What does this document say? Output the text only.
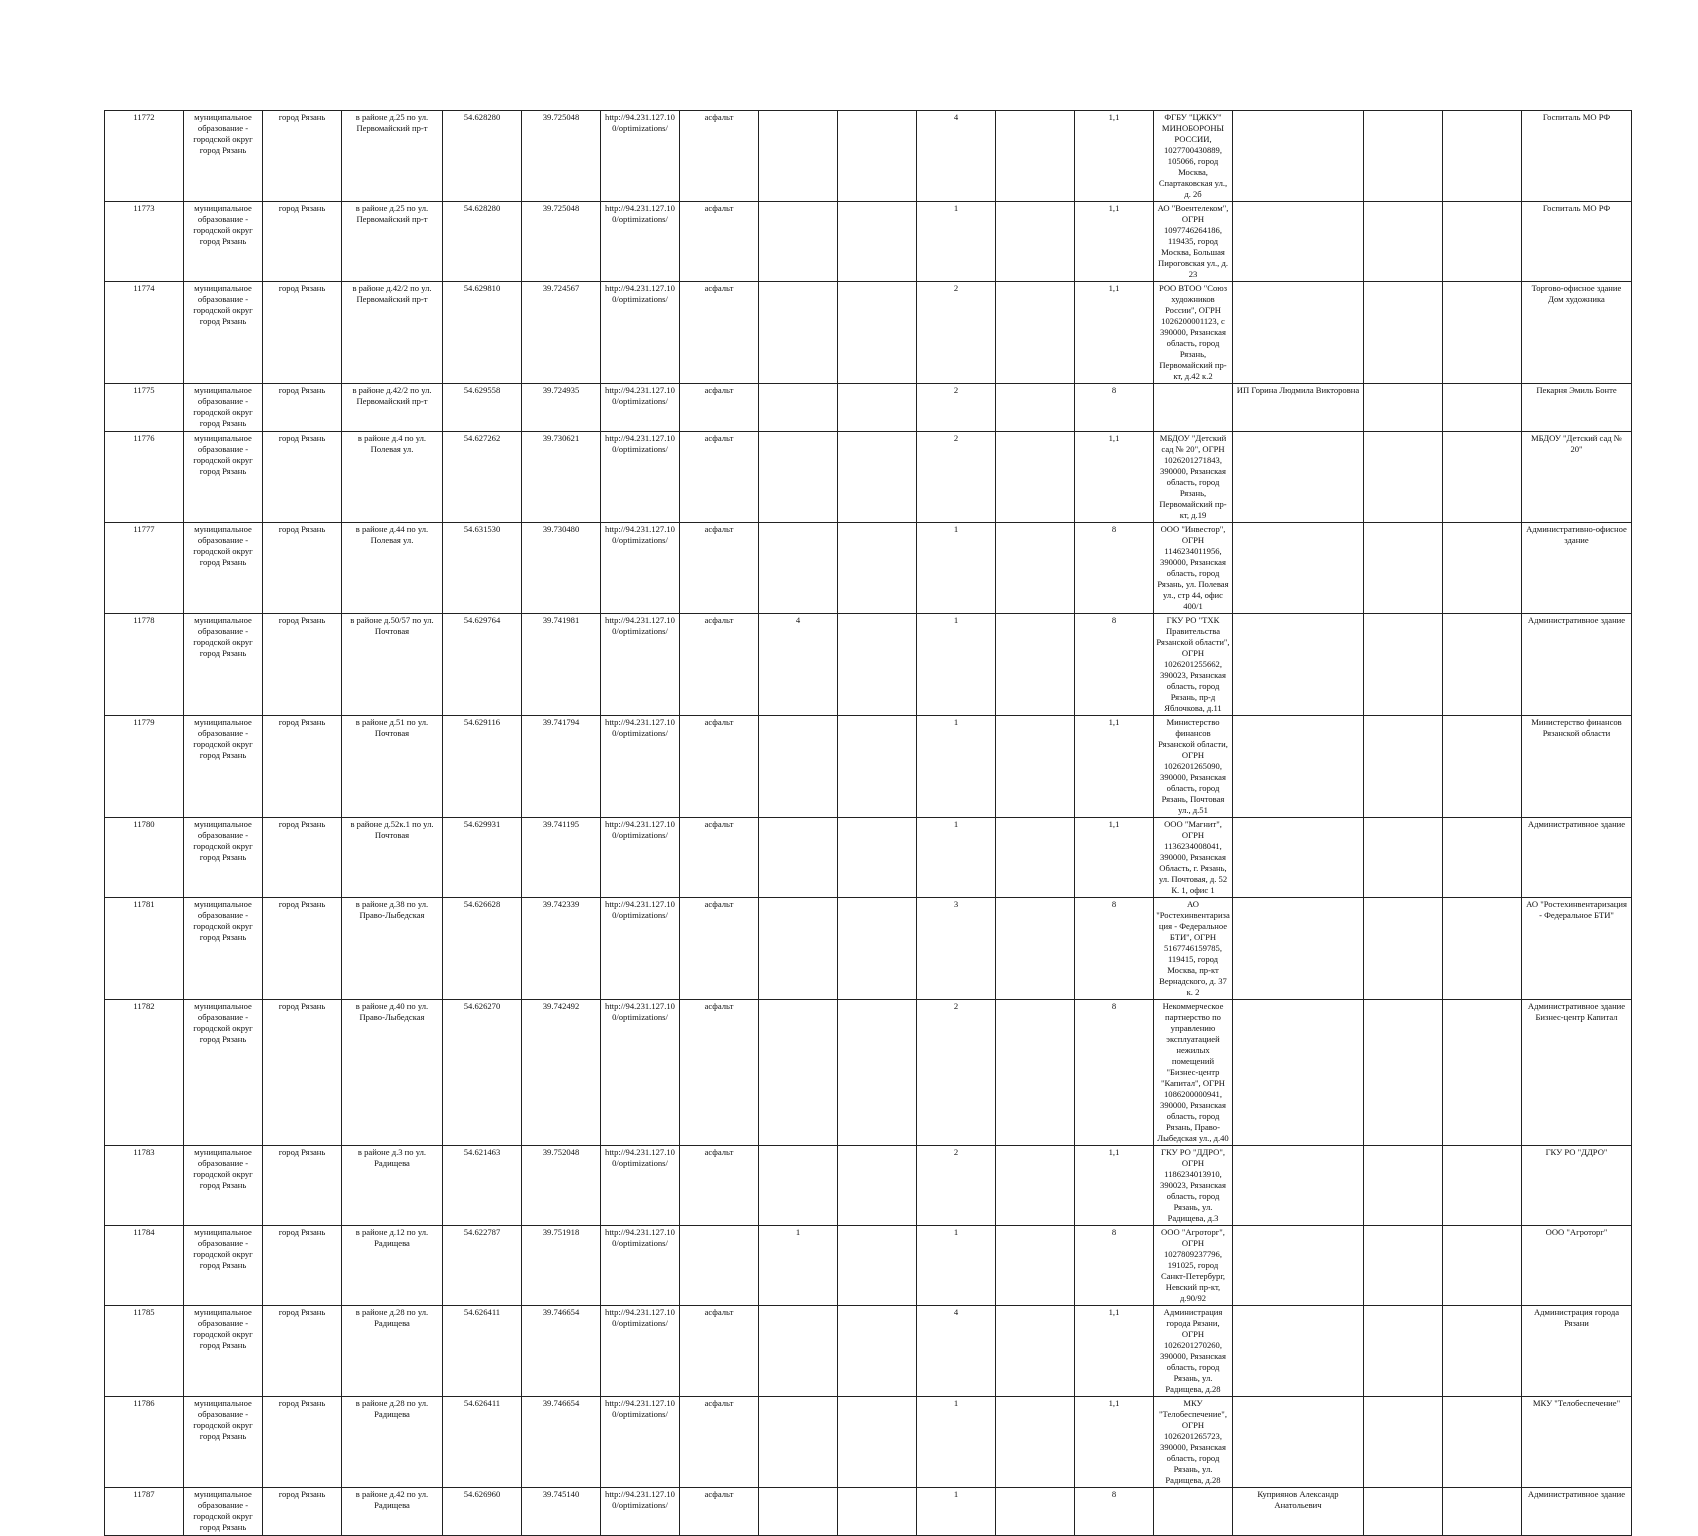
11772	муниципальное образование - городской округ город Рязань	город Рязань	в районе д.25 по ул. Первомайский пр-т	54.628280	39.725048	http://94.231.127.10 0/optimizations/	асфальт			4		1,1	ФГБУ "ЦЖКУ" МИНОБОРОНЫ РОССИИ, 1027700430889, 105066, город Москва, Спартаковская ул., д. 2б				Госпиталь МО РФ
11773	муниципальное образование - городской округ город Рязань	город Рязань	в районе д.25 по ул. Первомайский пр-т	54.628280	39.725048	http://94.231.127.10 0/optimizations/	асфальт			1		1,1	АО "Воентелеком", ОГРН 1097746264186, 119435, город Москва, Большая Пироговская ул., д. 23				Госпиталь МО РФ
11774	муниципальное образование - городской округ город Рязань	город Рязань	в районе д.42/2 по ул. Первомайский пр-т	54.629810	39.724567	http://94.231.127.10 0/optimizations/	асфальт			2		1,1	РОО ВТОО "Союз художников России", ОГРН 1026200001123, с 390000, Рязанская область, город Рязань, Первомайский пр-кт, д.42 к.2				Торгово-офисное здание Дом художника
11775	муниципальное образование - городской округ город Рязань	город Рязань	в районе д.42/2 по ул. Первомайский пр-т	54.629558	39.724935	http://94.231.127.10 0/optimizations/	асфальт			2		8		ИП Горина Людмила Викторовна			Пекарня Эмиль Бонте
11776	муниципальное образование - городской округ город Рязань	город Рязань	в районе д.4 по ул. Полевая ул.	54.627262	39.730621	http://94.231.127.10 0/optimizations/	асфальт			2		1,1	МБДОУ "Детский сад № 20", ОГРН 1026201271843, 390000, Рязанская область, город Рязань, Первомайский пр-кт, д.19				МБДОУ "Детский сад № 20"
11777	муниципальное образование - городской округ город Рязань	город Рязань	в районе д.44 по ул. Полевая ул.	54.631530	39.730480	http://94.231.127.10 0/optimizations/	асфальт			1		8	ООО "Инвестор", ОГРН 1146234011956, 390000, Рязанская область, город Рязань, ул. Полевая ул., стр 44, офис 400/1				Административно-офисное здание
11778	муниципальное образование - городской округ город Рязань	город Рязань	в районе д.50/57 по ул. Почтовая	54.629764	39.741981	http://94.231.127.10 0/optimizations/	асфальт	4		1		8	ГКУ РО "ТХК Правительства Рязанской области", ОГРН 1026201255662, 390023, Рязанская область, город Рязань, пр-д Яблочкова, д.11				Административное здание
11779	муниципальное образование - городской округ город Рязань	город Рязань	в районе д.51 по ул. Почтовая	54.629116	39.741794	http://94.231.127.10 0/optimizations/	асфальт			1		1,1	Министерство финансов Рязанской области, ОГРН 1026201265090, 390000, Рязанская область, город Рязань, Почтовая ул., д.51				Министерство финансов Рязанской области
11780	муниципальное образование - городской округ город Рязань	город Рязань	в районе д.52к.1 по ул. Почтовая	54.629931	39.741195	http://94.231.127.10 0/optimizations/	асфальт			1		1,1	ООО "Магнит", ОГРН 1136234008041, 390000, Рязанская Область, г. Рязань, ул. Почтовая, д. 52 К. 1, офис 1				Административное здание
11781	муниципальное образование - городской округ город Рязань	город Рязань	в районе д.38 по ул. Право-Лыбедская	54.626628	39.742339	http://94.231.127.10 0/optimizations/	асфальт			3		8	АО "Ростехинвентаризация - Федеральное БТИ", ОГРН 5167746159785, 119415, город Москва, пр-кт Вернадского, д. 37 к. 2				АО "Ростехинвентаризация - Федеральное БТИ"
11782	муниципальное образование - городской округ город Рязань	город Рязань	в районе д.40 по ул. Право-Лыбедская	54.626270	39.742492	http://94.231.127.10 0/optimizations/	асфальт			2		8	Некоммерческое партнерство по управлению эксплуатацией нежилых помещений "Бизнес-центр "Капитал", ОГРН 1086200000941, 390000, Рязанская область, город Рязань, Право-Лыбедская ул., д.40				Административное здание Бизнес-центр Капитал
11783	муниципальное образование - городской округ город Рязань	город Рязань	в районе д.3 по ул. Радищева	54.621463	39.752048	http://94.231.127.10 0/optimizations/	асфальт			2		1,1	ГКУ РО "ДДРО", ОГРН 1186234013910, 390023, Рязанская область, город Рязань, ул. Радищева, д.3				ГКУ РО "ДДРО"
11784	муниципальное образование - городской округ город Рязань	город Рязань	в районе д.12 по ул. Радищева	54.622787	39.751918	http://94.231.127.10 0/optimizations/		1		1		8	ООО "Агроторг", ОГРН 1027809237796, 191025, город Санкт-Петербург, Невский пр-кт, д.90/92				ООО "Агроторг"
11785	муниципальное образование - городской округ город Рязань	город Рязань	в районе д.28 по ул. Радищева	54.626411	39.746654	http://94.231.127.10 0/optimizations/	асфальт			4		1,1	Администрация города Рязани, ОГРН 1026201270260, 390000, Рязанская область, город Рязань, ул. Радищева, д.28				Администрация города Рязани
11786	муниципальное образование - городской округ город Рязань	город Рязань	в районе д.28 по ул. Радищева	54.626411	39.746654	http://94.231.127.10 0/optimizations/	асфальт			1		1,1	МКУ "Телобеспечение", ОГРН 1026201265723, 390000, Рязанская область, город Рязань, ул. Радищева, д.28				МКУ "Телобеспечение"
11787	муниципальное образование - городской округ город Рязань	город Рязань	в районе д.42 по ул. Радищева	54.626960	39.745140	http://94.231.127.10 0/optimizations/	асфальт			1		8		Куприянов Александр Анатольевич			Административное здание
